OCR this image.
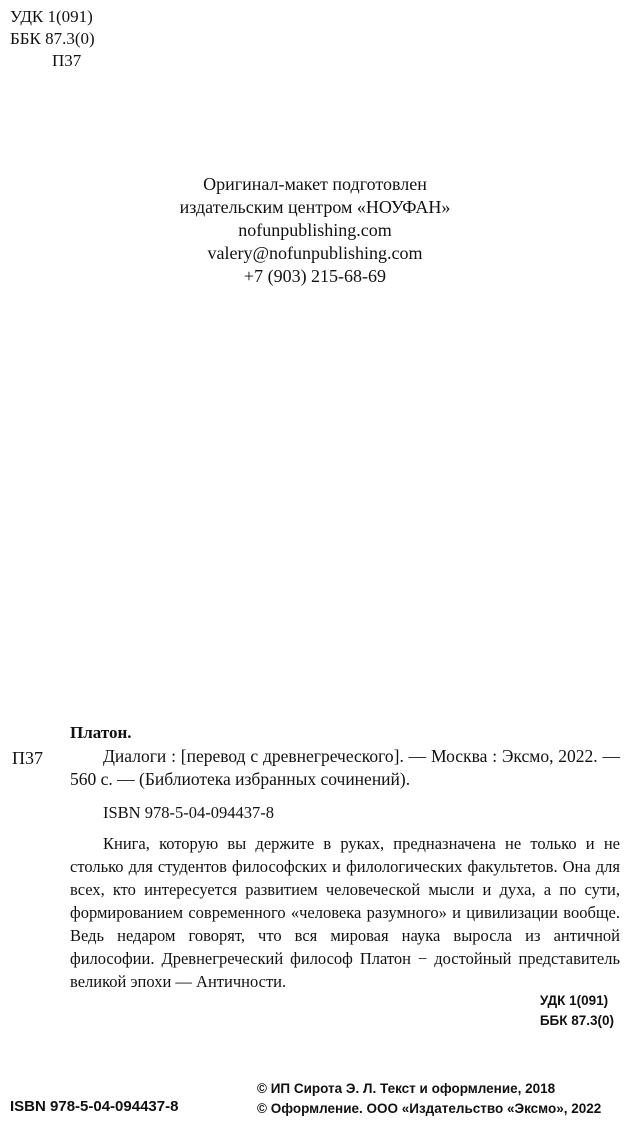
УДК 1(091)
ББК 87.3(0)
П37
Оригинал-макет подготовлен
издательским центром «НОУФАН»
nofunpublishing.com
valery@nofunpublishing.com
+7 (903) 215-68-69
П37
Платон.
Диалоги : [перевод с древнегреческого]. — Москва : Эксмо, 2022. — 560 с. — (Библиотека избранных сочинений).
ISBN 978-5-04-094437-8

Книга, которую вы держите в руках, предназначена не только и не столько для студентов философских и филологических факультетов. Она для всех, кто интересуется развитием человеческой мысли и духа, а по сути, формированием современного «человека разумного» и цивилизации вообще. Ведь недаром говорят, что вся мировая наука выросла из античной философии. Древнегреческий философ Платон − достойный представитель великой эпохи — Античности.

УДК 1(091)
ББК 87.3(0)
© ИП Сирота Э. Л. Текст и оформление, 2018
© Оформление. ООО «Издательство «Эксмо», 2022
ISBN 978-5-04-094437-8
